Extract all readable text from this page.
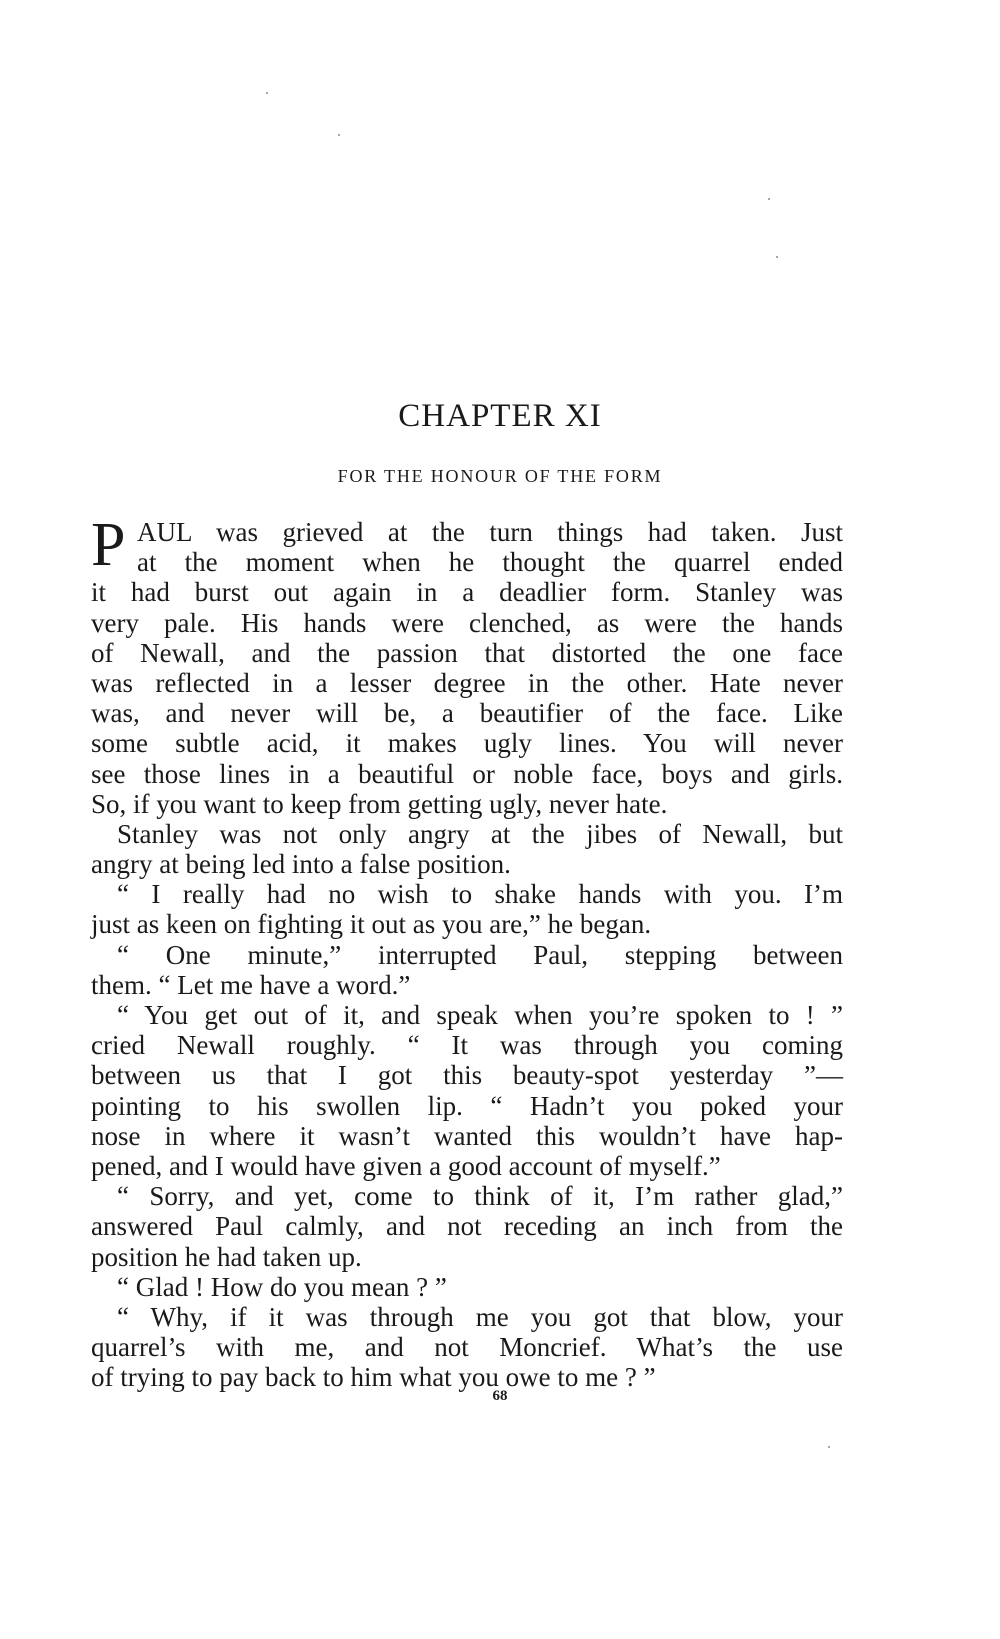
CHAPTER XI
FOR THE HONOUR OF THE FORM
P AUL was grieved at the turn things had taken. Just
at the moment when he thought the quarrel ended
it had burst out again in a deadlier form. Stanley was
very pale. His hands were clenched, as were the hands
of Newall, and the passion that distorted the one face
was reflected in a lesser degree in the other. Hate never
was, and never will be, a beautifier of the face. Like
some subtle acid, it makes ugly lines. You will never
see those lines in a beautiful or noble face, boys and girls.
So, if you want to keep from getting ugly, never hate.
Stanley was not only angry at the jibes of Newall, but
angry at being led into a false position.
“ I really had no wish to shake hands with you. I’m
just as keen on fighting it out as you are,” he began.
“ One minute,” interrupted Paul, stepping between
them. “ Let me have a word.”
“ You get out of it, and speak when you’re spoken to ! ”
cried Newall roughly. “ It was through you coming
between us that I got this beauty-spot yesterday ”—
pointing to his swollen lip. “ Hadn’t you poked your
nose in where it wasn’t wanted this wouldn’t have hap-
pened, and I would have given a good account of myself.”
“ Sorry, and yet, come to think of it, I’m rather glad,”
answered Paul calmly, and not receding an inch from the
position he had taken up.
“ Glad ! How do you mean ? ”
“ Why, if it was through me you got that blow, your
quarrel’s with me, and not Moncrief. What’s the use
of trying to pay back to him what you owe to me ? ”
68
